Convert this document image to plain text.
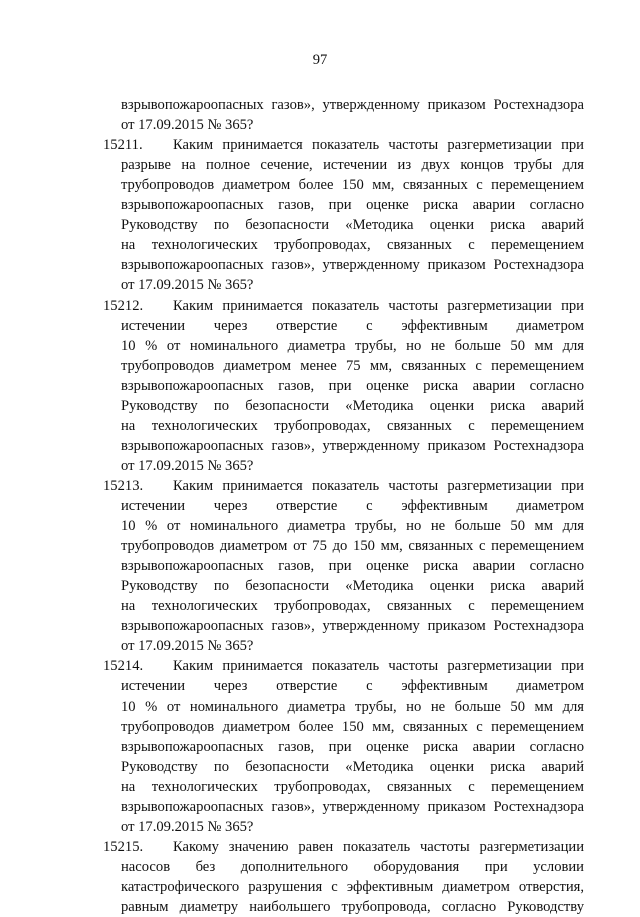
97
взрывопожароопасных газов», утвержденному приказом Ростехнадзора
от 17.09.2015 № 365?
15211. Каким принимается показатель частоты разгерметизации при
разрыве на полное сечение, истечении из двух концов трубы для
трубопроводов диаметром более 150 мм, связанных с перемещением
взрывопожароопасных газов, при оценке риска аварии согласно
Руководству по безопасности «Методика оценки риска аварий
на технологических трубопроводах, связанных с перемещением
взрывопожароопасных газов», утвержденному приказом Ростехнадзора
от 17.09.2015 № 365?
15212. Каким принимается показатель частоты разгерметизации при
истечении через отверстие с эффективным диаметром
10 % от номинального диаметра трубы, но не больше 50 мм для
трубопроводов диаметром менее 75 мм, связанных с перемещением
взрывопожароопасных газов, при оценке риска аварии согласно
Руководству по безопасности «Методика оценки риска аварий
на технологических трубопроводах, связанных с перемещением
взрывопожароопасных газов», утвержденному приказом Ростехнадзора
от 17.09.2015 № 365?
15213. Каким принимается показатель частоты разгерметизации при
истечении через отверстие с эффективным диаметром
10 % от номинального диаметра трубы, но не больше 50 мм для
трубопроводов диаметром от 75 до 150 мм, связанных с перемещением
взрывопожароопасных газов, при оценке риска аварии согласно
Руководству по безопасности «Методика оценки риска аварий
на технологических трубопроводах, связанных с перемещением
взрывопожароопасных газов», утвержденному приказом Ростехнадзора
от 17.09.2015 № 365?
15214. Каким принимается показатель частоты разгерметизации при
истечении через отверстие с эффективным диаметром
10 % от номинального диаметра трубы, но не больше 50 мм для
трубопроводов диаметром более 150 мм, связанных с перемещением
взрывопожароопасных газов, при оценке риска аварии согласно
Руководству по безопасности «Методика оценки риска аварий
на технологических трубопроводах, связанных с перемещением
взрывопожароопасных газов», утвержденному приказом Ростехнадзора
от 17.09.2015 № 365?
15215. Какому значению равен показатель частоты разгерметизации
насосов без дополнительного оборудования при условии
катастрофического разрушения с эффективным диаметром отверстия,
равным диаметру наибольшего трубопровода, согласно Руководству
